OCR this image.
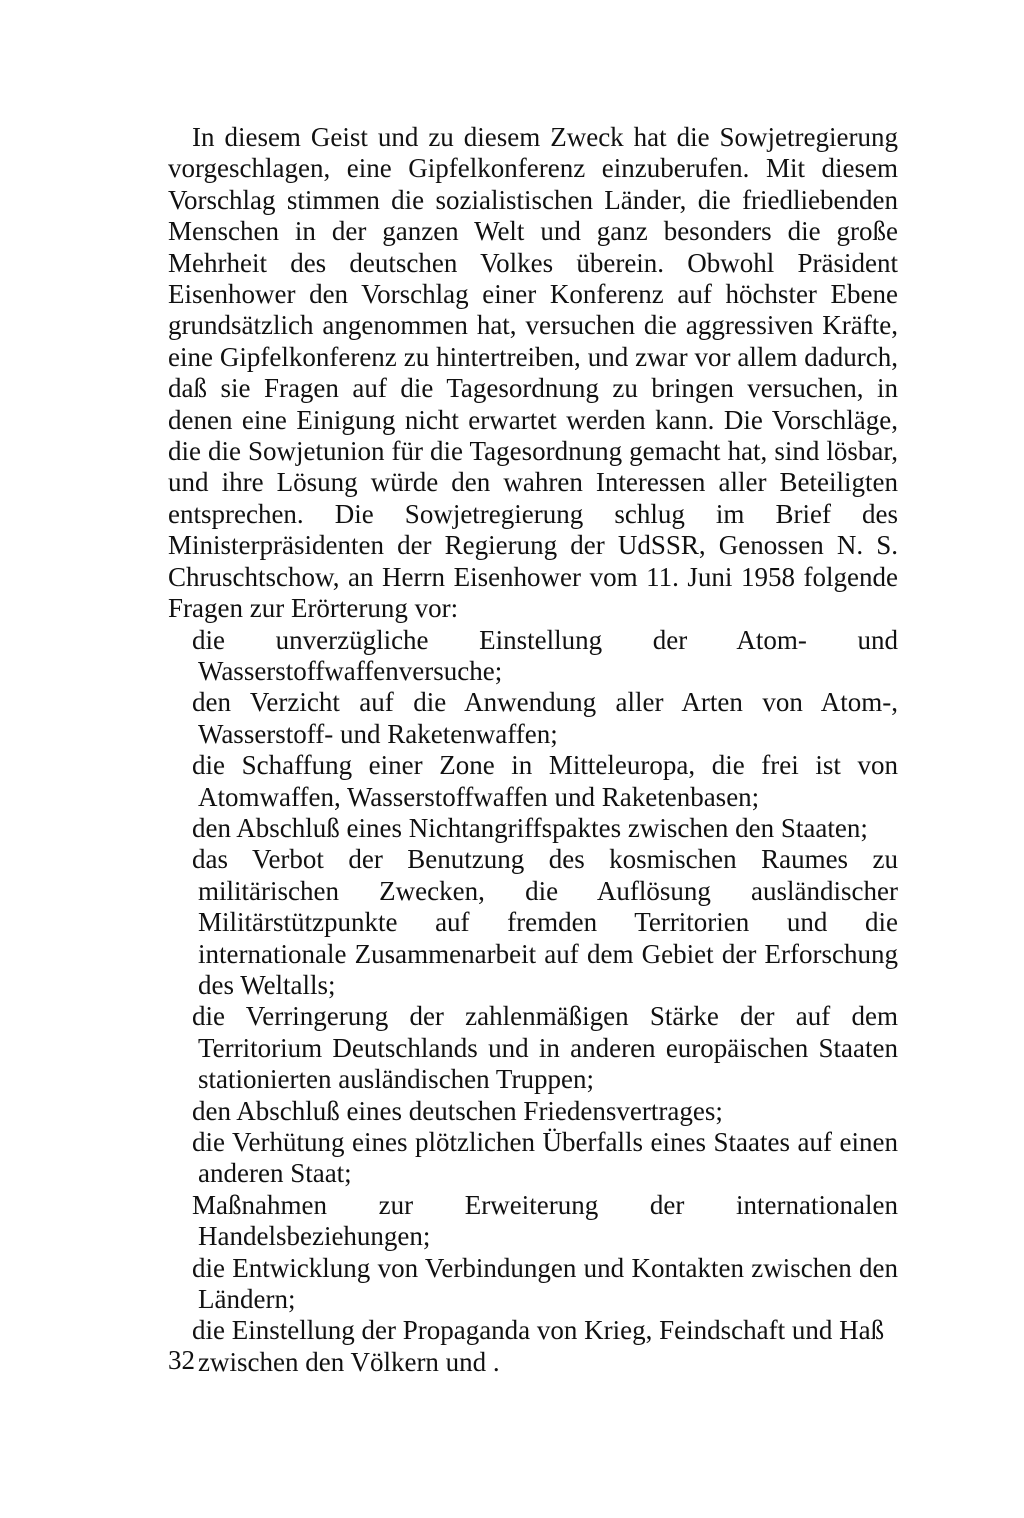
In diesem Geist und zu diesem Zweck hat die Sowjetregierung vorgeschlagen, eine Gipfelkonferenz einzuberufen. Mit diesem Vorschlag stimmen die sozialistischen Länder, die friedliebenden Menschen in der ganzen Welt und ganz besonders die große Mehrheit des deutschen Volkes überein. Obwohl Präsident Eisenhower den Vorschlag einer Konferenz auf höchster Ebene grundsätzlich angenommen hat, versuchen die aggressiven Kräfte, eine Gipfelkonferenz zu hintertreiben, und zwar vor allem dadurch, daß sie Fragen auf die Tagesordnung zu bringen versuchen, in denen eine Einigung nicht erwartet werden kann. Die Vorschläge, die die Sowjetunion für die Tagesordnung gemacht hat, sind lösbar, und ihre Lösung würde den wahren Interessen aller Beteiligten entsprechen. Die Sowjetregierung schlug im Brief des Ministerpräsidenten der Regierung der UdSSR, Genossen N. S. Chruschtschow, an Herrn Eisenhower vom 11. Juni 1958 folgende Fragen zur Erörterung vor:

die unverzügliche Einstellung der Atom- und Wasserstoffwaffenversuche;
den Verzicht auf die Anwendung aller Arten von Atom-, Wasserstoff- und Raketenwaffen;
die Schaffung einer Zone in Mitteleuropa, die frei ist von Atomwaffen, Wasserstoffwaffen und Raketenbasen;
den Abschluß eines Nichtangriffspaktes zwischen den Staaten;
das Verbot der Benutzung des kosmischen Raumes zu militärischen Zwecken, die Auflösung ausländischer Militärstützpunkte auf fremden Territorien und die internationale Zusammenarbeit auf dem Gebiet der Erforschung des Weltalls;
die Verringerung der zahlenmäßigen Stärke der auf dem Territorium Deutschlands und in anderen europäischen Staaten stationierten ausländischen Truppen;
den Abschluß eines deutschen Friedensvertrages;
die Verhütung eines plötzlichen Überfalls eines Staates auf einen anderen Staat;
Maßnahmen zur Erweiterung der internationalen Handelsbeziehungen;
die Entwicklung von Verbindungen und Kontakten zwischen den Ländern;
die Einstellung der Propaganda von Krieg, Feindschaft und Haß zwischen den Völkern und .
32
